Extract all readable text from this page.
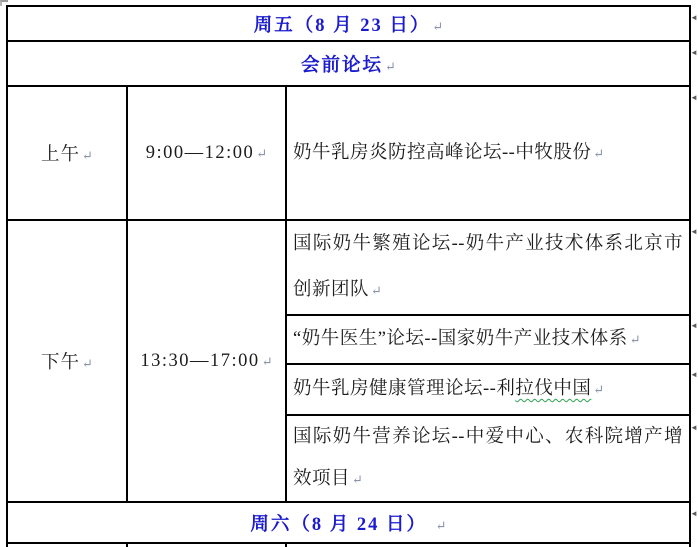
周五（8 月 23 日） ↵		
会前论坛 ↵		
上午 ↵	9:00—12:00 ↵	奶牛乳房炎防控高峰论坛--中牧股份 ↵
下午 ↵	13:30—17:00 ↵	国际奶牛繁殖论坛--奶牛产业技术体系北京市创新团队 ↵
		“奶牛医生”论坛--国家奶牛产业技术体系 ↵
		奶牛乳房健康管理论坛--利拉伐中国 ↵
		国际奶牛营养论坛--中爱中心、农科院增产增效项目 ↵
周六（8 月 24 日） ↵		

◄
◄
◄
◄
◄
◄
◄
◄
